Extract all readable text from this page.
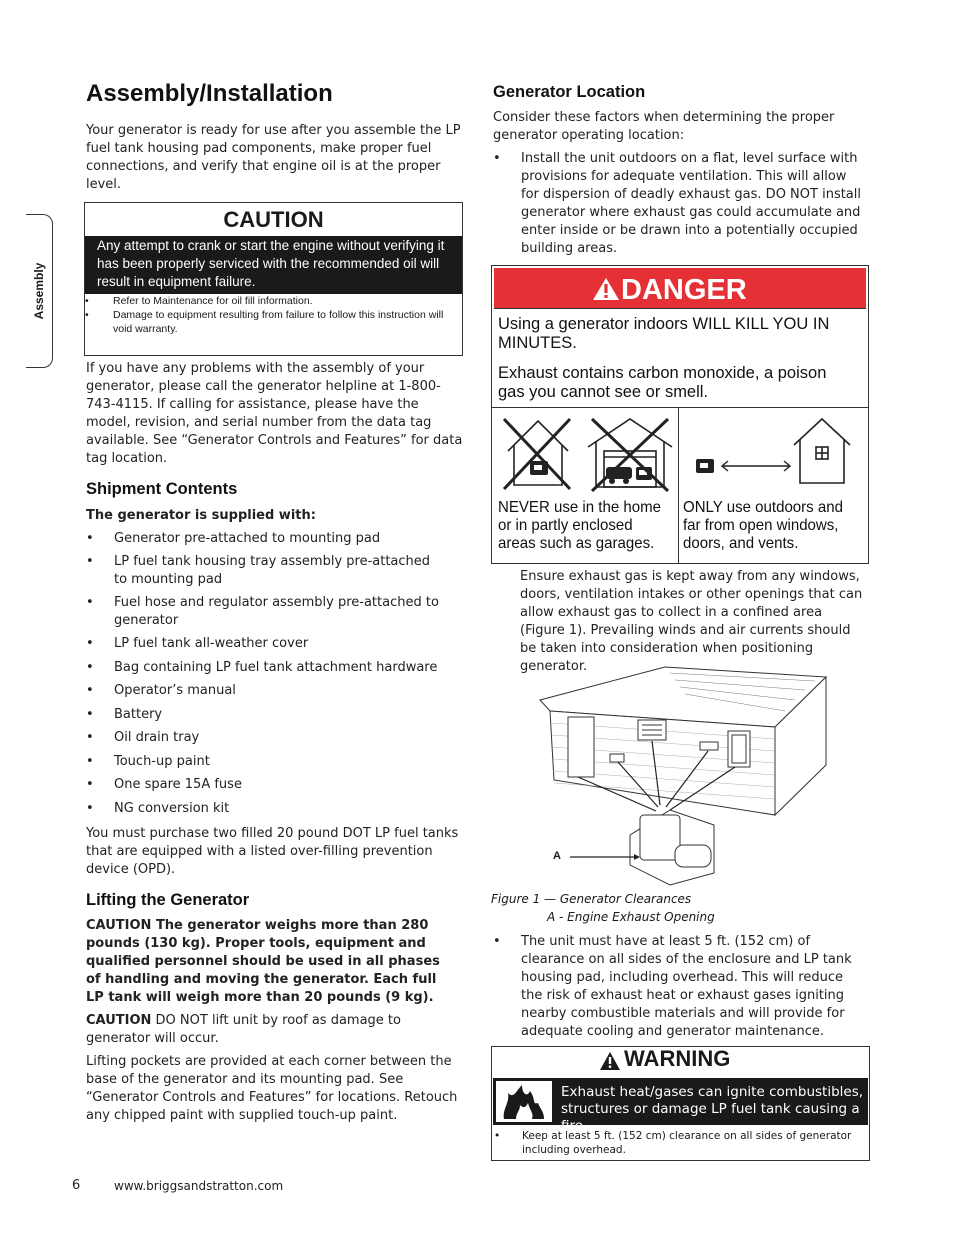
Assembly
Assembly/Installation

Your generator is ready for use after you assemble the LP fuel tank housing pad components, make proper fuel connections, and verify that engine oil is at the proper level.

CAUTION
Any attempt to crank or start the engine without verifying it has been properly serviced with the recommended oil will result in equipment failure.
• Refer to Maintenance for oil fill information.
• Damage to equipment resulting from failure to follow this instruction will void warranty.

If you have any problems with the assembly of your generator, please call the generator helpline at 1-800-743-4115. If calling for assistance, please have the model, revision, and serial number from the data tag available. See “Generator Controls and Features” for data tag location.

Shipment Contents
The generator is supplied with:
• Generator pre-attached to mounting pad
• LP fuel tank housing tray assembly pre-attached to mounting pad
• Fuel hose and regulator assembly pre-attached to generator
• LP fuel tank all-weather cover
• Bag containing LP fuel tank attachment hardware
• Operator’s manual
• Battery
• Oil drain tray
• Touch-up paint
• One spare 15A fuse
• NG conversion kit

You must purchase two filled 20 pound DOT LP fuel tanks that are equipped with a listed over-filling prevention device (OPD).

Lifting the Generator

CAUTION The generator weighs more than 280 pounds (130 kg). Proper tools, equipment and qualified personnel should be used in all phases of handling and moving the generator. Each full LP tank will weigh more than 20 pounds (9 kg).

CAUTION DO NOT lift unit by roof as damage to generator will occur.

Lifting pockets are provided at each corner between the base of the generator and its mounting pad. See “Generator Controls and Features” for locations. Retouch any chipped paint with supplied touch-up paint.

Generator Location

Consider these factors when determining the proper generator operating location:

• Install the unit outdoors on a flat, level surface with provisions for adequate ventilation. This will allow for dispersion of deadly exhaust gas. DO NOT install generator where exhaust gas could accumulate and enter inside or be drawn into a potentially occupied building areas.
DANGER
Using a generator indoors WILL KILL YOU IN MINUTES.
Exhaust contains carbon monoxide, a poison gas you cannot see or smell.
NEVER use in the home or in partly enclosed areas such as garages.
ONLY use outdoors and far from open windows, doors, and vents.

Ensure exhaust gas is kept away from any windows, doors, ventilation intakes or other openings that can allow exhaust gas to collect in a confined area (Figure 1). Prevailing winds and air currents should be taken into consideration when positioning generator.

A
Figure 1 — Generator Clearances
A - Engine Exhaust Opening
• The unit must have at least 5 ft. (152 cm) of clearance on all sides of the enclosure and LP tank housing pad, including overhead. This will reduce the risk of exhaust heat or exhaust gases igniting nearby combustible materials and will provide for adequate cooling and generator maintenance.
WARNING
Exhaust heat/gases can ignite combustibles, structures or damage LP fuel tank causing a fire.
• Keep at least 5 ft. (152 cm) clearance on all sides of generator including overhead.
6	www.briggsandstratton.com
